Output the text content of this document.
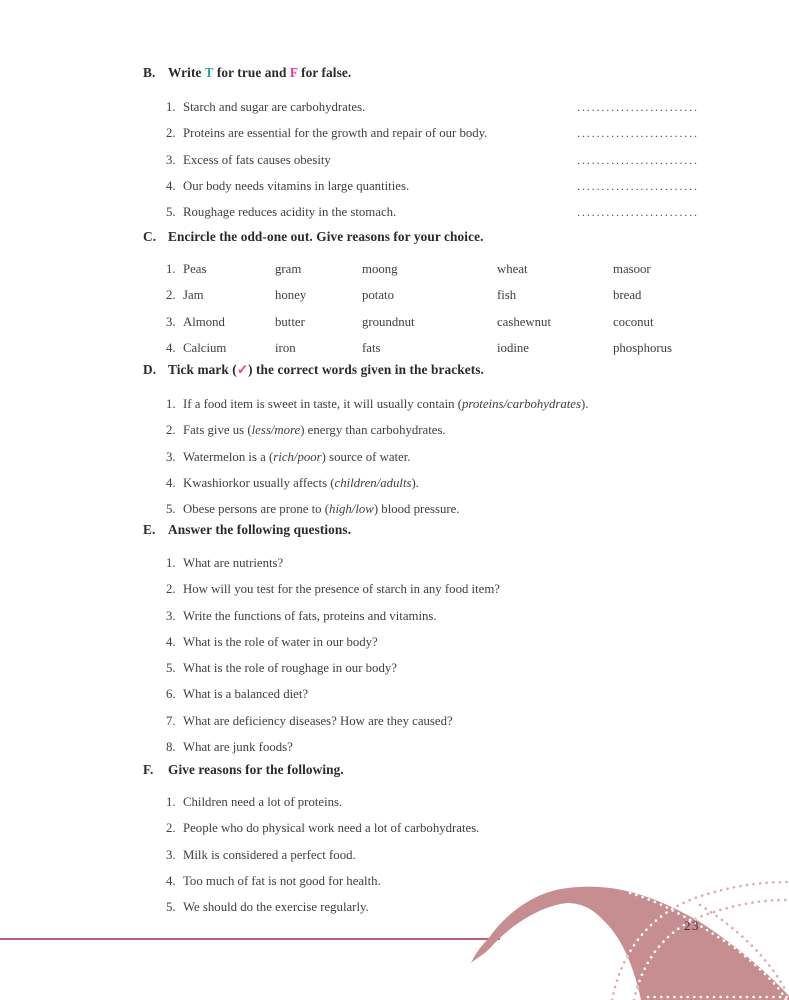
B. Write T for true and F for false.
1. Starch and sugar are carbohydrates.	.........................
2. Proteins are essential for the growth and repair of our body.	.........................
3. Excess of fats causes obesity	.........................
4. Our body needs vitamins in large quantities.	.........................
5. Roughage reduces acidity in the stomach.	.........................
C. Encircle the odd-one out. Give reasons for your choice.
1. Peas	gram	moong	wheat	masoor
2. Jam	honey	potato	fish	bread
3. Almond	butter	groundnut	cashewnut	coconut
4. Calcium	iron	fats	iodine	phosphorus
D. Tick mark (✓) the correct words given in the brackets.
1. If a food item is sweet in taste, it will usually contain (proteins/carbohydrates).
2. Fats give us (less/more) energy than carbohydrates.
3. Watermelon is a (rich/poor) source of water.
4. Kwashiorkor usually affects (children/adults).
5. Obese persons are prone to (high/low) blood pressure.
E. Answer the following questions.
1. What are nutrients?
2. How will you test for the presence of starch in any food item?
3. Write the functions of fats, proteins and vitamins.
4. What is the role of water in our body?
5. What is the role of roughage in our body?
6. What is a balanced diet?
7. What are deficiency diseases? How are they caused?
8. What are junk foods?
F.	Give reasons for the following.
1. Children need a lot of proteins.
2. People who do physical work need a lot of carbohydrates.
3. Milk is considered a perfect food.
4. Too much of fat is not good for health.
5. We should do the exercise regularly.
23
